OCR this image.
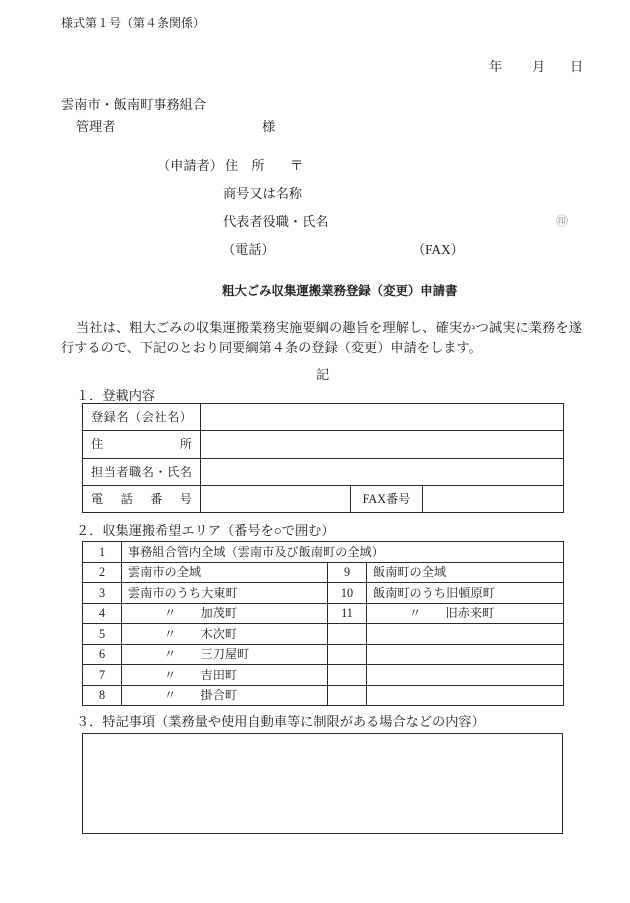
様式第１号（第４条関係）
年 月 日
雲南市・飯南町事務組合
管理者	様
（申請者） 住　所 〒
商号又は名称
代表者役職・氏名	㊞
（電話）	（FAX）
粗大ごみ収集運搬業務登録（変更）申請書
当社は、粗大ごみの収集運搬業務実施要綱の趣旨を理解し、確実かつ誠実に業務を遂
行するので、下記のとおり同要綱第４条の登録（変更）申請をします。
記
１．登載内容
登録名（会社名）			
住　　　　所			
担当者職名・氏名			
電　話　番　号		FAX番号	
２．収集運搬希望エリア（番号を○で囲む）
1	事務組合管内全域（雲南市及び飯南町の全域）		
2	雲南市の全域	9	飯南町の全域
3	雲南市のうち大東町	10	飯南町のうち旧頓原町
4	〃　　加茂町	11	〃　　旧赤来町
5	〃　　木次町		
6	〃　　三刀屋町		
7	〃　　吉田町		
8	〃　　掛合町		
３．特記事項（業務量や使用自動車等に制限がある場合などの内容）
